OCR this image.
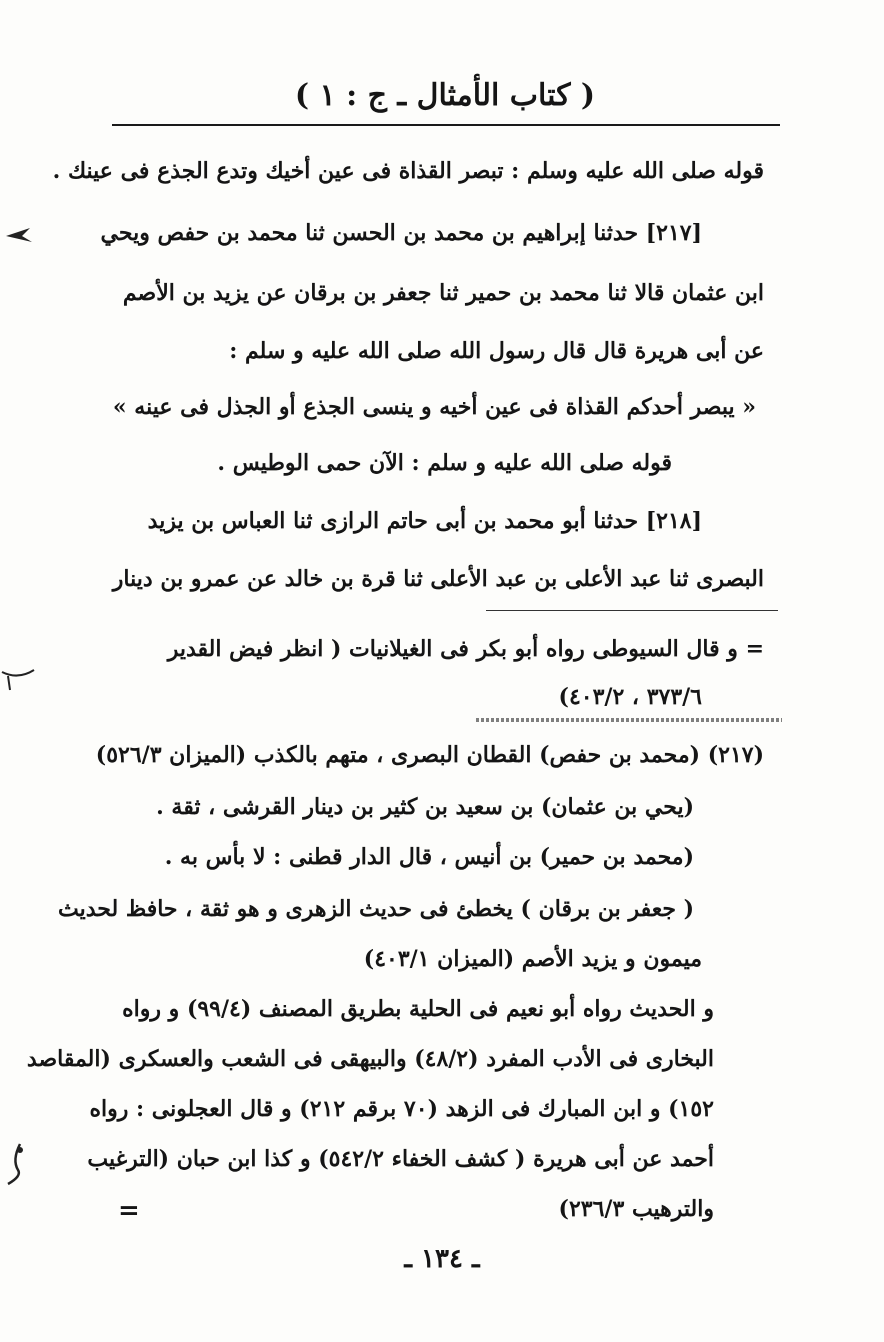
( كتاب الأمثال ـ ج : ١ )
قوله صلى الله عليه وسلم : تبصر القذاة فى عين أخيك وتدع الجذع فى عينك .
[٢١٧] حدثنا إبراهيم بن محمد بن الحسن ثنا محمد بن حفص ويحي
ابن عثمان قالا ثنا محمد بن حمير ثنا جعفر بن برقان عن يزيد بن الأصم
عن أبى هريرة قال قال رسول الله صلى الله عليه و سلم :
« يبصر أحدكم القذاة فى عين أخيه و ينسى الجذع أو الجذل فى عينه »
قوله صلى الله عليه و سلم : الآن حمى الوطيس .
[٢١٨] حدثنا أبو محمد بن أبى حاتم الرازى ثنا العباس بن يزيد
البصرى ثنا عبد الأعلى بن عبد الأعلى ثنا قرة بن خالد عن عمرو بن دينار
= و قال السيوطى رواه أبو بكر فى الغيلانيات ( انظر فيض القدير
٣٧٣/٦ ، ٤٠٣/٢)
(٢١٧) (محمد بن حفص) القطان البصرى ، متهم بالكذب (الميزان ٥٢٦/٣)
(يحي بن عثمان) بن سعيد بن كثير بن دينار القرشى ، ثقة .
(محمد بن حمير) بن أنيس ، قال الدار قطنى : لا بأس به .
( جعفر بن برقان ) يخطئ فى حديث الزهرى و هو ثقة ، حافظ لحديث
ميمون و يزيد الأصم (الميزان ٤٠٣/١)
و الحديث رواه أبو نعيم فى الحلية بطريق المصنف (٩٩/٤) و رواه
البخارى فى الأدب المفرد (٤٨/٢) والبيهقى فى الشعب والعسكرى (المقاصد
١٥٢) و ابن المبارك فى الزهد (٧٠ برقم ٢١٢) و قال العجلونى : رواه
أحمد عن أبى هريرة ( كشف الخفاء ٥٤٢/٢) و كذا ابن حبان (الترغيب
والترهيب ٢٣٦/٣)
=
ـ ١٣٤ ـ
